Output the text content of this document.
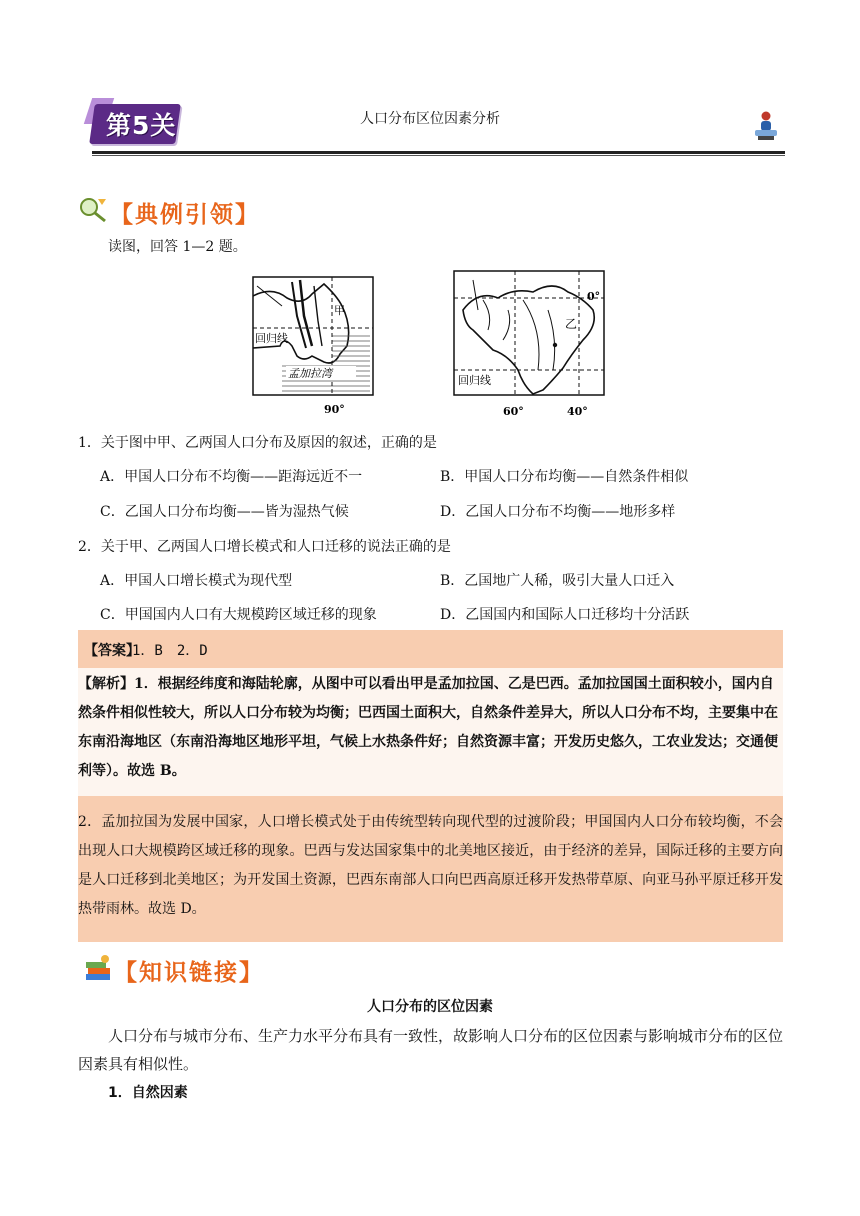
第5关	人口分布区位因素分析
【典例引领】
读图，回答 1—2 题。
甲
回归线
孟加拉湾
90°
0°
乙
回归线
60°	40°
1．关于图中甲、乙两国人口分布及原因的叙述，正确的是
A．甲国人口分布不均衡——距海远近不一	B．甲国人口分布均衡——自然条件相似
C．乙国人口分布均衡——皆为湿热气候	D．乙国人口分布不均衡——地形多样
2．关于甲、乙两国人口增长模式和人口迁移的说法正确的是
A．甲国人口增长模式为现代型	B．乙国地广人稀，吸引大量人口迁入
C．甲国国内人口有大规模跨区域迁移的现象	D．乙国国内和国际人口迁移均十分活跃
【答案】
1．B　2．D
【解析】1．根据经纬度和海陆轮廓，从图中可以看出甲是孟加拉国、乙是巴西。孟加拉国国土面积较小，国内自然条件相似性较大，所以人口分布较为均衡；巴西国土面积大，自然条件差异大，所以人口分布不均，主要集中在东南沿海地区（东南沿海地区地形平坦，气候上水热条件好；自然资源丰富；开发历史悠久，工农业发达；交通便利等）。故选 B。
2．孟加拉国为发展中国家，人口增长模式处于由传统型转向现代型的过渡阶段；甲国国内人口分布较均衡，不会出现人口大规模跨区域迁移的现象。巴西与发达国家集中的北美地区接近，由于经济的差异，国际迁移的主要方向是人口迁移到北美地区；为开发国土资源，巴西东南部人口向巴西高原迁移开发热带草原、向亚马孙平原迁移开发热带雨林。故选 D。
【知识链接】
人口分布的区位因素
人口分布与城市分布、生产力水平分布具有一致性，故影响人口分布的区位因素与影响城市分布的区位因素具有相似性。
1．自然因素
